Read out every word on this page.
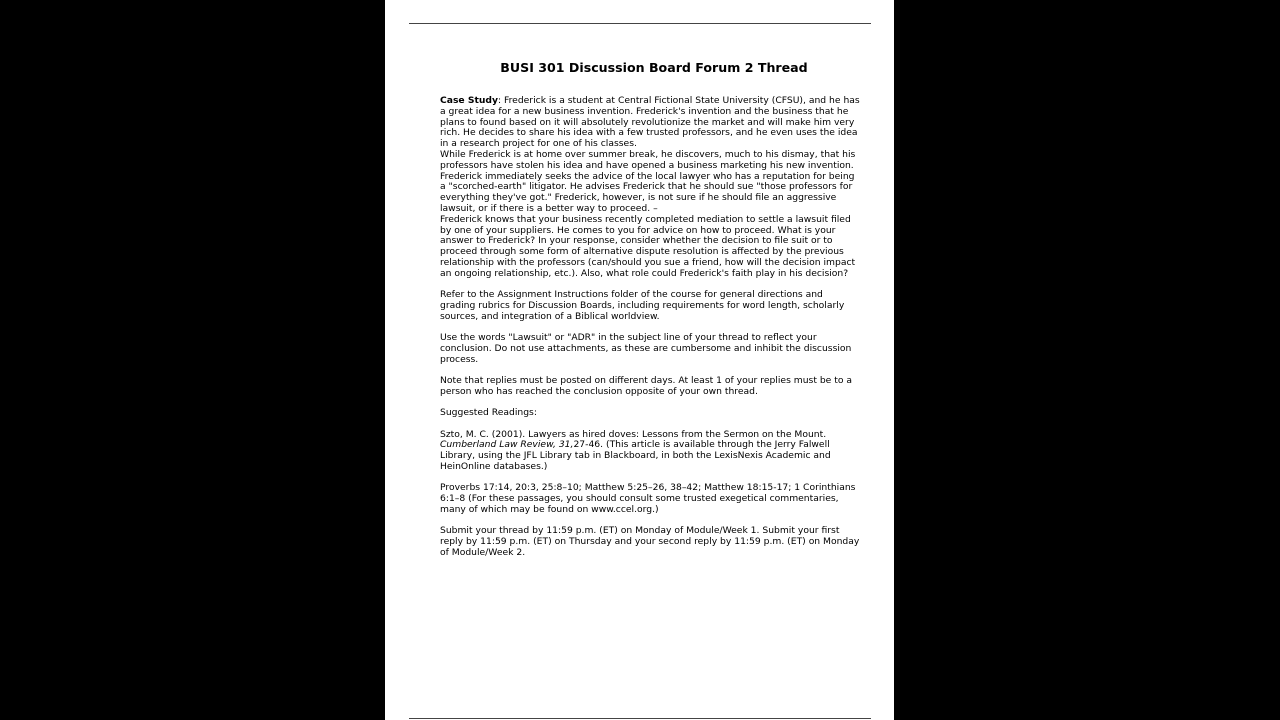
BUSI 301 Discussion Board Forum 2 Thread

Case Study: Frederick is a student at Central Fictional State University (CFSU), and he has a great idea for a new business invention. Frederick's invention and the business that he plans to found based on it will absolutely revolutionize the market and will make him very rich. He decides to share his idea with a few trusted professors, and he even uses the idea in a research project for one of his classes.

While Frederick is at home over summer break, he discovers, much to his dismay, that his professors have stolen his idea and have opened a business marketing his new invention. Frederick immediately seeks the advice of the local lawyer who has a reputation for being a "scorched-earth" litigator. He advises Frederick that he should sue "those professors for everything they've got." Frederick, however, is not sure if he should file an aggressive lawsuit, or if there is a better way to proceed. –

Frederick knows that your business recently completed mediation to settle a lawsuit filed by one of your suppliers. He comes to you for advice on how to proceed. What is your answer to Frederick? In your response, consider whether the decision to file suit or to proceed through some form of alternative dispute resolution is affected by the previous relationship with the professors (can/should you sue a friend, how will the decision impact an ongoing relationship, etc.). Also, what role could Frederick's faith play in his decision?

Refer to the Assignment Instructions folder of the course for general directions and grading rubrics for Discussion Boards, including requirements for word length, scholarly sources, and integration of a Biblical worldview.

Use the words "Lawsuit" or "ADR" in the subject line of your thread to reflect your conclusion. Do not use attachments, as these are cumbersome and inhibit the discussion process.

Note that replies must be posted on different days. At least 1 of your replies must be to a person who has reached the conclusion opposite of your own thread.

Suggested Readings:

Szto, M. C. (2001). Lawyers as hired doves: Lessons from the Sermon on the Mount. Cumberland Law Review, 31,27-46. (This article is available through the Jerry Falwell Library, using the JFL Library tab in Blackboard, in both the LexisNexis Academic and HeinOnline databases.)

Proverbs 17:14, 20:3, 25:8–10; Matthew 5:25–26, 38–42; Matthew 18:15-17; 1 Corinthians 6:1–8 (For these passages, you should consult some trusted exegetical commentaries, many of which may be found on www.ccel.org.)

Submit your thread by 11:59 p.m. (ET) on Monday of Module/Week 1. Submit your first reply by 11:59 p.m. (ET) on Thursday and your second reply by 11:59 p.m. (ET) on Monday of Module/Week 2.
